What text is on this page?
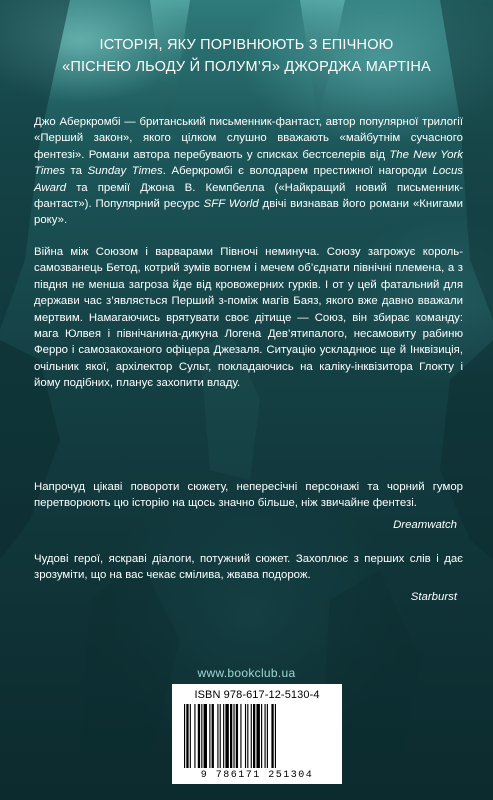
ІСТОРІЯ, ЯКУ ПОРІВНЮЮТЬ З ЕПІЧНОЮ
«ПІСНЕЮ ЛЬОДУ Й ПОЛУМ’Я» ДЖОРДЖА МАРТІНА

Джо Аберкромбі — британський письменник-фантаст, автор популярної трилогії «Перший закон», якого цілком слушно вважають «майбутнім сучасного фентезі». Романи автора перебувають у списках бестселерів від The New York Times та Sunday Times. Аберкромбі є володарем престижної нагороди Locus Award та премії Джона В. Кемпбелла («Найкращий новий письменник-фантаст»). Популярний ресурс SFF World двічі визнавав його романи «Книгами року».

Війна між Союзом і варварами Півночі неминуча. Союзу загрожує король-самозванець Бетод, котрий зумів вогнем і мечем об’єднати північні племена, а з півдня не менша загроза йде від кровожерних гурків. І от у цей фатальний для держави час з’являється Перший з-поміж магів Баяз, якого вже давно вважали мертвим. Намагаючись врятувати своє дітище — Союз, він збирає команду: мага Юлвея і північанина-дикуна Логена Дев’ятипалого, несамовиту рабиню Ферро і самозакоханого офіцера Джезаля. Ситуацію ускладнює ще й Інквізиція, очільник якої, архілектор Сульт, покладаючись на каліку-інквізитора Глокту і йому подібних, планує захопити владу.

Напрочуд цікаві повороти сюжету, непересічні персонажі та чорний гумор перетворюють цю історію на щось значно більше, ніж звичайне фентезі.

Dreamwatch

Чудові герої, яскраві діалоги, потужний сюжет. Захоплює з перших слів і дає зрозуміти, що на вас чекає смілива, жвава подорож.

Starburst
www.bookclub.ua
ISBN 978-617-12-5130-4
9 786171 251304
